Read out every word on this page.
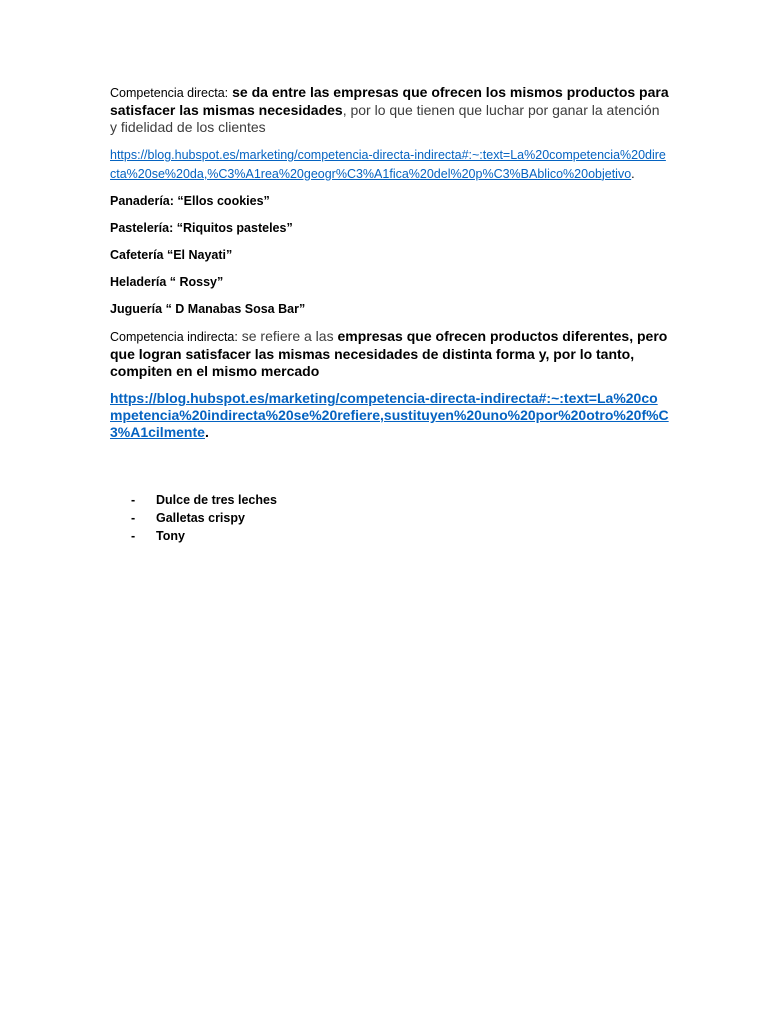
Competencia directa: se da entre las empresas que ofrecen los mismos productos para satisfacer las mismas necesidades, por lo que tienen que luchar por ganar la atención y fidelidad de los clientes

https://blog.hubspot.es/marketing/competencia-directa-indirecta#:~:text=La%20competencia%20directa%20se%20da,%C3%A1rea%20geogr%C3%A1fica%20del%20p%C3%BAblico%20objetivo.

Panadería: “Ellos cookies”

Pastelería: “Riquitos pasteles”

Cafetería “El Nayati”

Heladería “ Rossy”

Juguería “ D Manabas Sosa Bar”

Competencia indirecta: se refiere a las empresas que ofrecen productos diferentes, pero que logran satisfacer las mismas necesidades de distinta forma y, por lo tanto, compiten en el mismo mercado

https://blog.hubspot.es/marketing/competencia-directa-indirecta#:~:text=La%20competencia%20indirecta%20se%20refiere,sustituyen%20uno%20por%20otro%20f%C3%A1cilmente.

- Dulce de tres leches
- Galletas crispy
- Tony
